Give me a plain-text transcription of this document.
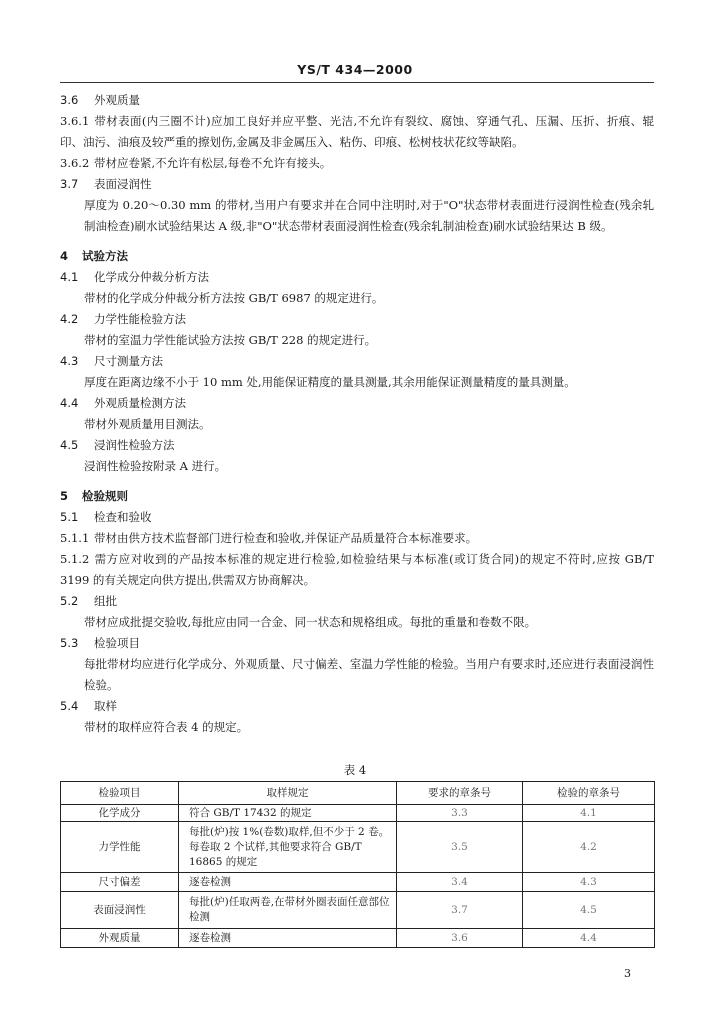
YS/T 434—2000

3.6 外观质量

3.6.1 带材表面(内三圈不计)应加工良好并应平整、光洁,不允许有裂纹、腐蚀、穿通气孔、压漏、压折、折痕、辊印、油污、油痕及较严重的擦划伤,金属及非金属压入、粘伤、印痕、松树枝状花纹等缺陷。

3.6.2 带材应卷紧,不允许有松层,每卷不允许有接头。

3.7 表面浸润性

厚度为 0.20～0.30 mm 的带材,当用户有要求并在合同中注明时,对于"O"状态带材表面进行浸润性检查(残余轧制油检查)刷水试验结果达 A 级,非"O"状态带材表面浸润性检查(残余轧制油检查)刷水试验结果达 B 级。

4 试验方法

4.1 化学成分仲裁分析方法

带材的化学成分仲裁分析方法按 GB/T 6987 的规定进行。

4.2 力学性能检验方法

带材的室温力学性能试验方法按 GB/T 228 的规定进行。

4.3 尺寸测量方法

厚度在距离边缘不小于 10 mm 处,用能保证精度的量具测量,其余用能保证测量精度的量具测量。

4.4 外观质量检测方法

带材外观质量用目测法。

4.5 浸润性检验方法

浸润性检验按附录 A 进行。

5 检验规则

5.1 检查和验收

5.1.1 带材由供方技术监督部门进行检查和验收,并保证产品质量符合本标准要求。

5.1.2 需方应对收到的产品按本标准的规定进行检验,如检验结果与本标准(或订货合同)的规定不符时,应按 GB/T 3199 的有关规定向供方提出,供需双方协商解决。

5.2 组批

带材应成批提交验收,每批应由同一合金、同一状态和规格组成。每批的重量和卷数不限。

5.3 检验项目

每批带材均应进行化学成分、外观质量、尺寸偏差、室温力学性能的检验。当用户有要求时,还应进行表面浸润性检验。

5.4 取样

带材的取样应符合表 4 的规定。

表 4
检验项目	取样规定	要求的章条号	检验的章条号
化学成分	符合 GB/T 17432 的规定	3.3	4.1
力学性能	每批(炉)按 1%(卷数)取样,但不少于 2 卷。每卷取 2 个试样,其他要求符合 GB/T 16865 的规定	3.5	4.2
尺寸偏差	逐卷检测	3.4	4.3
表面浸润性	每批(炉)任取两卷,在带材外圈表面任意部位检测	3.7	4.5
外观质量	逐卷检测	3.6	4.4
3
